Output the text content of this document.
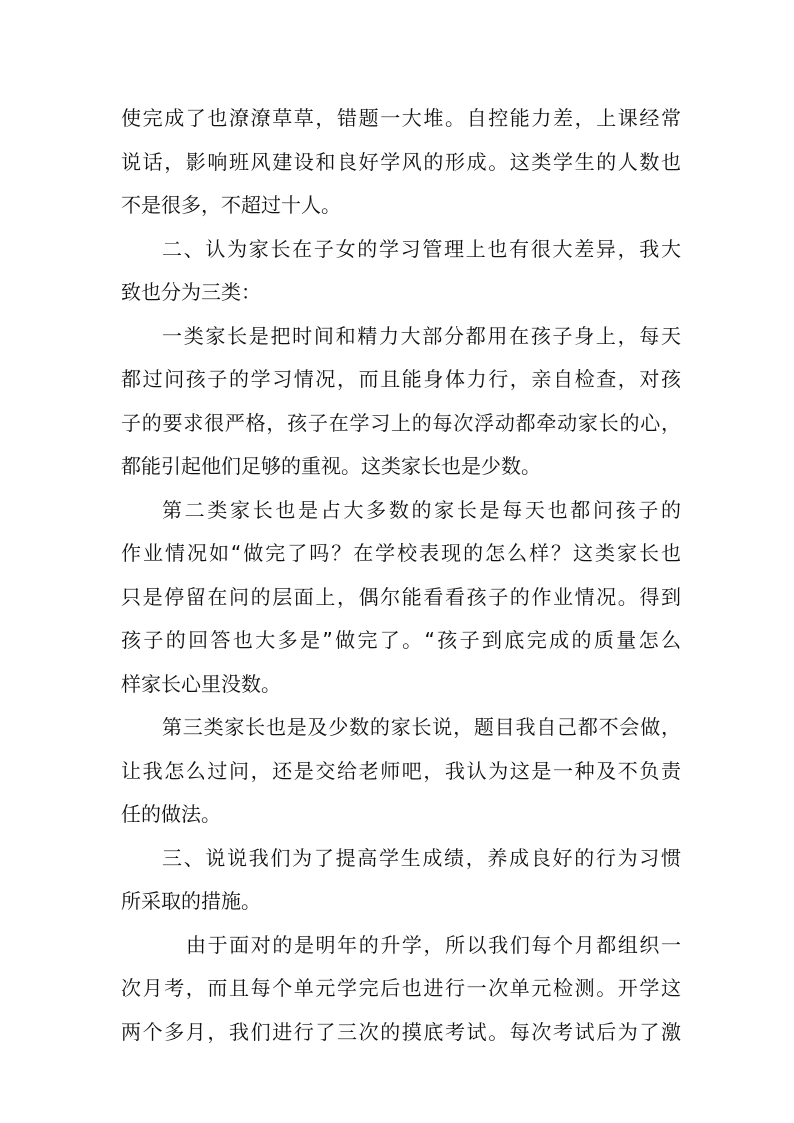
使完成了也潦潦草草，错题一大堆。自控能力差，上课经常
说话，影响班风建设和良好学风的形成。这类学生的人数也
不是很多，不超过十人。
二、认为家长在子女的学习管理上也有很大差异，我大
致也分为三类：
一类家长是把时间和精力大部分都用在孩子身上，每天
都过问孩子的学习情况，而且能身体力行，亲自检查，对孩
子的要求很严格，孩子在学习上的每次浮动都牵动家长的心，
都能引起他们足够的重视。这类家长也是少数。
第二类家长也是占大多数的家长是每天也都问孩子的
作业情况如“做完了吗？在学校表现的怎么样？这类家长也
只是停留在问的层面上，偶尔能看看孩子的作业情况。得到
孩子的回答也大多是”做完了。“孩子到底完成的质量怎么
样家长心里没数。
第三类家长也是及少数的家长说，题目我自己都不会做，
让我怎么过问，还是交给老师吧，我认为这是一种及不负责
任的做法。
三、说说我们为了提高学生成绩，养成良好的行为习惯
所采取的措施。
由于面对的是明年的升学，所以我们每个月都组织一
次月考，而且每个单元学完后也进行一次单元检测。开学这
两个多月，我们进行了三次的摸底考试。每次考试后为了激
